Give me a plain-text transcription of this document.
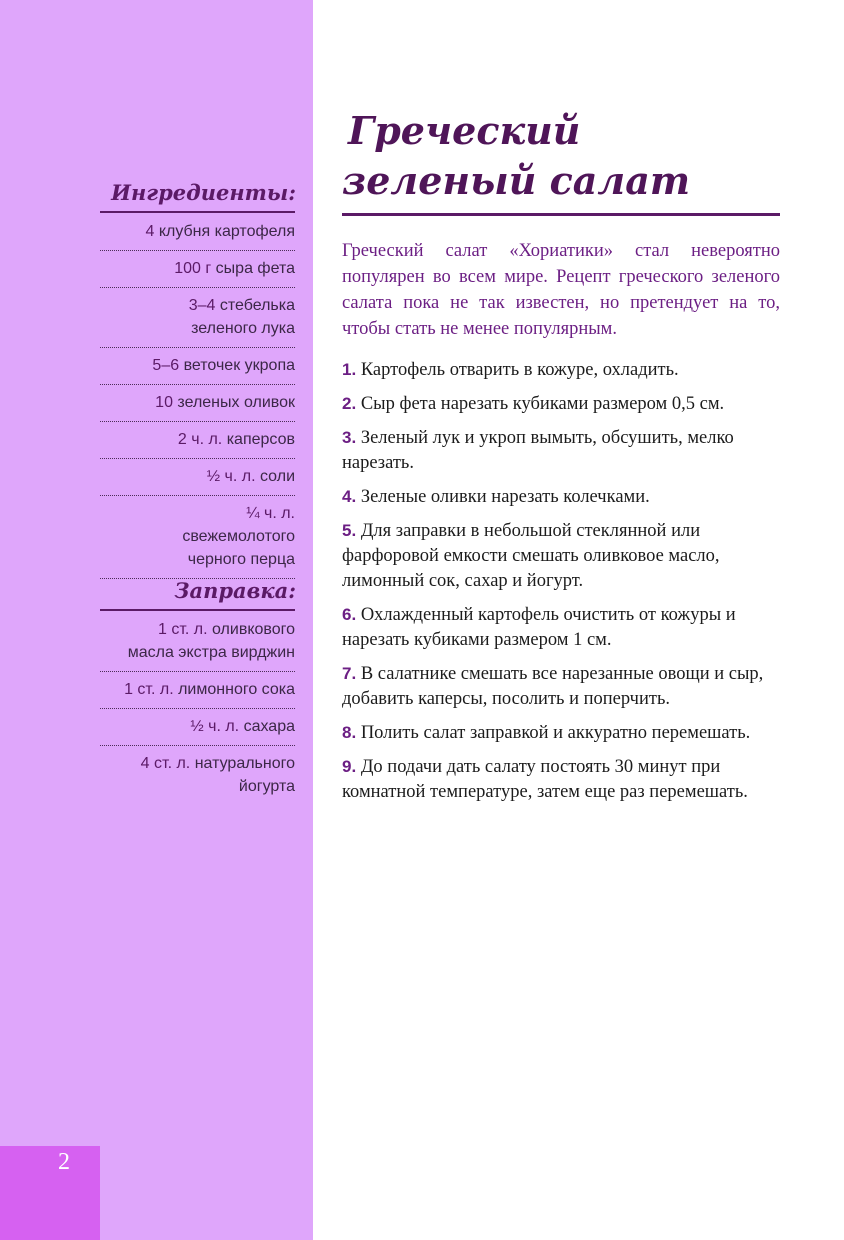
Ингредиенты:
4 клубня картофеля
100 г сыра фета
3–4 стебелька зеленого лука
5–6 веточек укропа
10 зеленых оливок
2 ч. л. каперсов
½ ч. л. соли
¼ ч. л. свежемолотого черного перца
Заправка:
1 ст. л. оливкового масла экстра вирджин
1 ст. л. лимонного сока
½ ч. л. сахара
4 ст. л. натурального йогурта
2
Греческий
зеленый салат

Греческий салат «Хориатики» стал невероятно популярен во всем мире. Рецепт греческого зеленого салата пока не так известен, но претендует на то, чтобы стать не менее популярным.

1. Картофель отварить в кожуре, охладить.
2. Сыр фета нарезать кубиками размером 0,5 см.
3. Зеленый лук и укроп вымыть, обсушить, мелко нарезать.
4. Зеленые оливки нарезать колечками.
5. Для заправки в небольшой стеклянной или фарфоровой емкости смешать оливковое масло, лимонный сок, сахар и йогурт.
6. Охлажденный картофель очистить от кожуры и нарезать кубиками размером 1 см.
7. В салатнике смешать все нарезанные овощи и сыр, добавить каперсы, посолить и поперчить.
8. Полить салат заправкой и аккуратно перемешать.
9. До подачи дать салату постоять 30 минут при комнатной температуре, затем еще раз перемешать.
